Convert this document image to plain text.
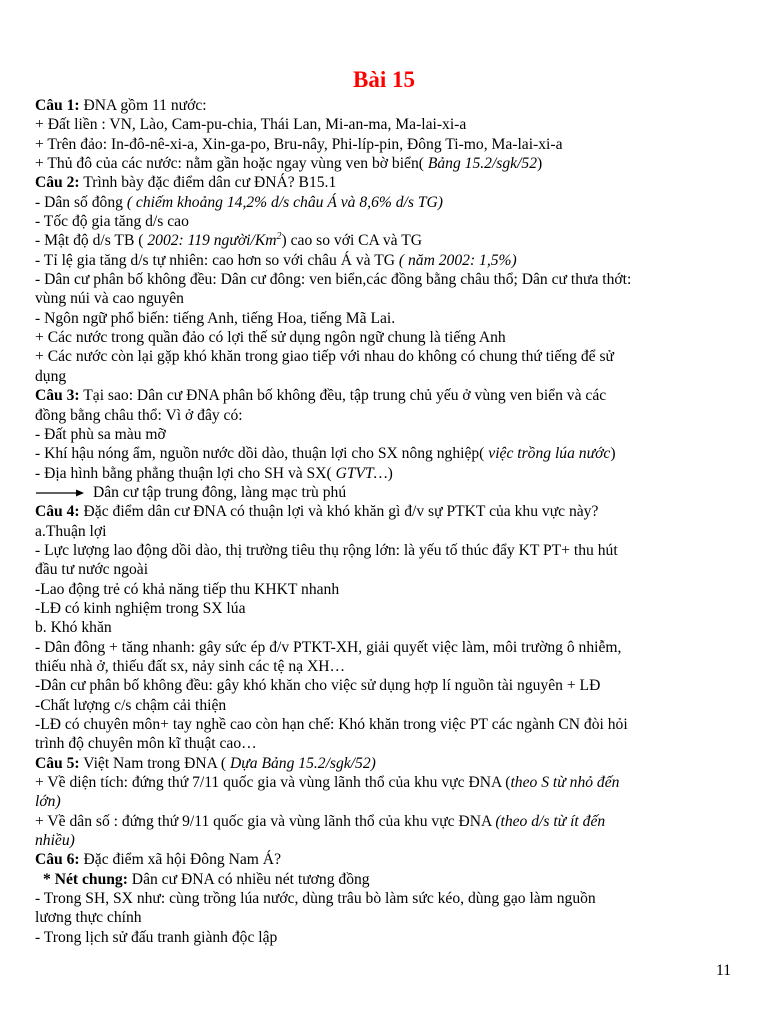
Bài 15
Câu 1: ĐNA gồm 11 nước:
+ Đất liền : VN, Lào, Cam-pu-chia, Thái Lan, Mi-an-ma, Ma-lai-xi-a
+ Trên đảo: In-đô-nê-xi-a, Xin-ga-po, Bru-nây, Phi-líp-pin, Đông Ti-mo, Ma-lai-xi-a
+ Thủ đô của các nước: nằm gần hoặc ngay vùng ven bờ biển( Bảng 15.2/sgk/52)
Câu 2: Trình bày đặc điểm dân cư ĐNÁ? B15.1
- Dân số đông ( chiếm khoảng 14,2% d/s châu Á và 8,6% d/s TG)
- Tốc độ gia tăng d/s cao
- Mật độ d/s TB ( 2002: 119 người/Km$^2$) cao so với CA và TG
- Tỉ lệ gia tăng d/s tự nhiên: cao hơn so với châu Á và TG ( năm 2002: 1,5%)
- Dân cư phân bố không đều: Dân cư đông: ven biển,các đồng bằng châu thổ; Dân cư thưa thớt:
vùng núi và cao nguyên
- Ngôn ngữ phổ biến: tiếng Anh, tiếng Hoa, tiếng Mã Lai.
+ Các nước trong quần đảo có lợi thế sử dụng ngôn ngữ chung là tiếng Anh
+ Các nước còn lại gặp khó khăn trong giao tiếp với nhau do không có chung thứ tiếng để sử
dụng
Câu 3: Tại sao: Dân cư ĐNA phân bố không đều, tập trung chủ yếu ở vùng ven biển và các
đồng bằng châu thổ: Vì ở đây có:
- Đất phù sa màu mỡ
- Khí hậu nóng ẩm, nguồn nước dồi dào, thuận lợi cho SX nông nghiệp( việc trồng lúa nước)
- Địa hình bằng phẳng thuận lợi cho SH và SX( GTVT…)
Dân cư tập trung đông, làng mạc trù phú
Câu 4: Đặc điểm dân cư ĐNA có thuận lợi và khó khăn gì đ/v sự PTKT của khu vực này?
a.Thuận lợi
- Lực lượng lao động dồi dào, thị trường tiêu thụ rộng lớn: là yếu tố thúc đẩy KT PT+ thu hút
đầu tư nước ngoài
-Lao động trẻ có khả năng tiếp thu KHKT nhanh
-LĐ có kinh nghiệm trong SX lúa
b. Khó khăn
- Dân đông + tăng nhanh: gây sức ép đ/v PTKT-XH, giải quyết việc làm, môi trường ô nhiễm,
thiếu nhà ở, thiếu đất sx, nảy sinh các tệ nạ XH…
-Dân cư phân bố không đều: gây khó khăn cho việc sử dụng hợp lí nguồn tài nguyên + LĐ
-Chất lượng c/s chậm cải thiện
-LĐ có chuyên môn+ tay nghề cao còn hạn chế: Khó khăn trong việc PT các ngành CN đòi hỏi
trình độ chuyên môn kĩ thuật cao…
Câu 5: Việt Nam trong ĐNA ( Dựa Bảng 15.2/sgk/52)
+ Về diện tích: đứng thứ 7/11 quốc gia và vùng lãnh thổ của khu vực ĐNA (theo S từ nhỏ đến
lớn)
+ Về dân số : đứng thứ 9/11 quốc gia và vùng lãnh thổ của khu vực ĐNA (theo d/s từ ít đến
nhiều)
Câu 6: Đặc điểm xã hội Đông Nam Á?
* Nét chung: Dân cư ĐNA có nhiều nét tương đồng
- Trong SH, SX như: cùng trồng lúa nước, dùng trâu bò làm sức kéo, dùng gạo làm nguồn
lương thực chính
- Trong lịch sử đấu tranh giành độc lập
11
